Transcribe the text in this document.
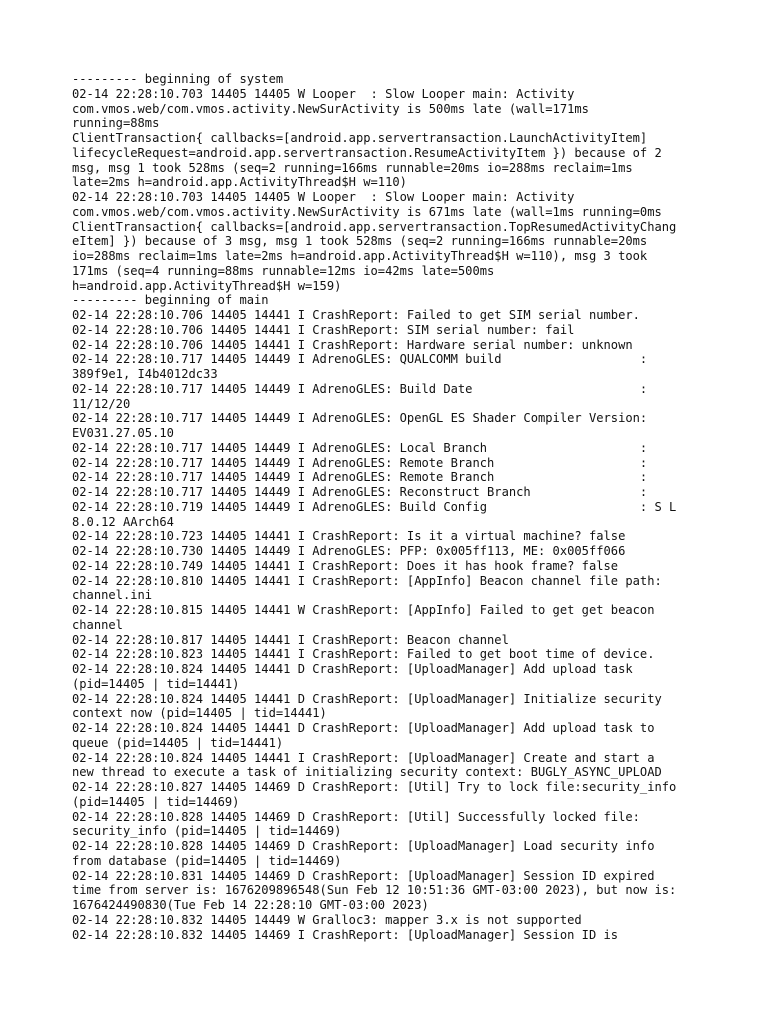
--------- beginning of system
02-14 22:28:10.703 14405 14405 W Looper  : Slow Looper main: Activity
com.vmos.web/com.vmos.activity.NewSurActivity is 500ms late (wall=171ms
running=88ms
ClientTransaction{ callbacks=[android.app.servertransaction.LaunchActivityItem]
lifecycleRequest=android.app.servertransaction.ResumeActivityItem }) because of 2
msg, msg 1 took 528ms (seq=2 running=166ms runnable=20ms io=288ms reclaim=1ms
late=2ms h=android.app.ActivityThread$H w=110)
02-14 22:28:10.703 14405 14405 W Looper  : Slow Looper main: Activity
com.vmos.web/com.vmos.activity.NewSurActivity is 671ms late (wall=1ms running=0ms
ClientTransaction{ callbacks=[android.app.servertransaction.TopResumedActivityChang
eItem] }) because of 3 msg, msg 1 took 528ms (seq=2 running=166ms runnable=20ms
io=288ms reclaim=1ms late=2ms h=android.app.ActivityThread$H w=110), msg 3 took
171ms (seq=4 running=88ms runnable=12ms io=42ms late=500ms
h=android.app.ActivityThread$H w=159)
--------- beginning of main
02-14 22:28:10.706 14405 14441 I CrashReport: Failed to get SIM serial number.
02-14 22:28:10.706 14405 14441 I CrashReport: SIM serial number: fail
02-14 22:28:10.706 14405 14441 I CrashReport: Hardware serial number: unknown
02-14 22:28:10.717 14405 14449 I AdrenoGLES: QUALCOMM build                   :
389f9e1, I4b4012dc33
02-14 22:28:10.717 14405 14449 I AdrenoGLES: Build Date                       :
11/12/20
02-14 22:28:10.717 14405 14449 I AdrenoGLES: OpenGL ES Shader Compiler Version:
EV031.27.05.10
02-14 22:28:10.717 14405 14449 I AdrenoGLES: Local Branch                     :
02-14 22:28:10.717 14405 14449 I AdrenoGLES: Remote Branch                    :
02-14 22:28:10.717 14405 14449 I AdrenoGLES: Remote Branch                    :
02-14 22:28:10.717 14405 14449 I AdrenoGLES: Reconstruct Branch               :
02-14 22:28:10.719 14405 14449 I AdrenoGLES: Build Config                     : S L
8.0.12 AArch64
02-14 22:28:10.723 14405 14441 I CrashReport: Is it a virtual machine? false
02-14 22:28:10.730 14405 14449 I AdrenoGLES: PFP: 0x005ff113, ME: 0x005ff066
02-14 22:28:10.749 14405 14441 I CrashReport: Does it has hook frame? false
02-14 22:28:10.810 14405 14441 I CrashReport: [AppInfo] Beacon channel file path:
channel.ini
02-14 22:28:10.815 14405 14441 W CrashReport: [AppInfo] Failed to get get beacon
channel
02-14 22:28:10.817 14405 14441 I CrashReport: Beacon channel
02-14 22:28:10.823 14405 14441 I CrashReport: Failed to get boot time of device.
02-14 22:28:10.824 14405 14441 D CrashReport: [UploadManager] Add upload task
(pid=14405 | tid=14441)
02-14 22:28:10.824 14405 14441 D CrashReport: [UploadManager] Initialize security
context now (pid=14405 | tid=14441)
02-14 22:28:10.824 14405 14441 D CrashReport: [UploadManager] Add upload task to
queue (pid=14405 | tid=14441)
02-14 22:28:10.824 14405 14441 I CrashReport: [UploadManager] Create and start a
new thread to execute a task of initializing security context: BUGLY_ASYNC_UPLOAD
02-14 22:28:10.827 14405 14469 D CrashReport: [Util] Try to lock file:security_info
(pid=14405 | tid=14469)
02-14 22:28:10.828 14405 14469 D CrashReport: [Util] Successfully locked file:
security_info (pid=14405 | tid=14469)
02-14 22:28:10.828 14405 14469 D CrashReport: [UploadManager] Load security info
from database (pid=14405 | tid=14469)
02-14 22:28:10.831 14405 14469 D CrashReport: [UploadManager] Session ID expired
time from server is: 1676209896548(Sun Feb 12 10:51:36 GMT-03:00 2023), but now is:
1676424490830(Tue Feb 14 22:28:10 GMT-03:00 2023)
02-14 22:28:10.832 14405 14449 W Gralloc3: mapper 3.x is not supported
02-14 22:28:10.832 14405 14469 I CrashReport: [UploadManager] Session ID is
